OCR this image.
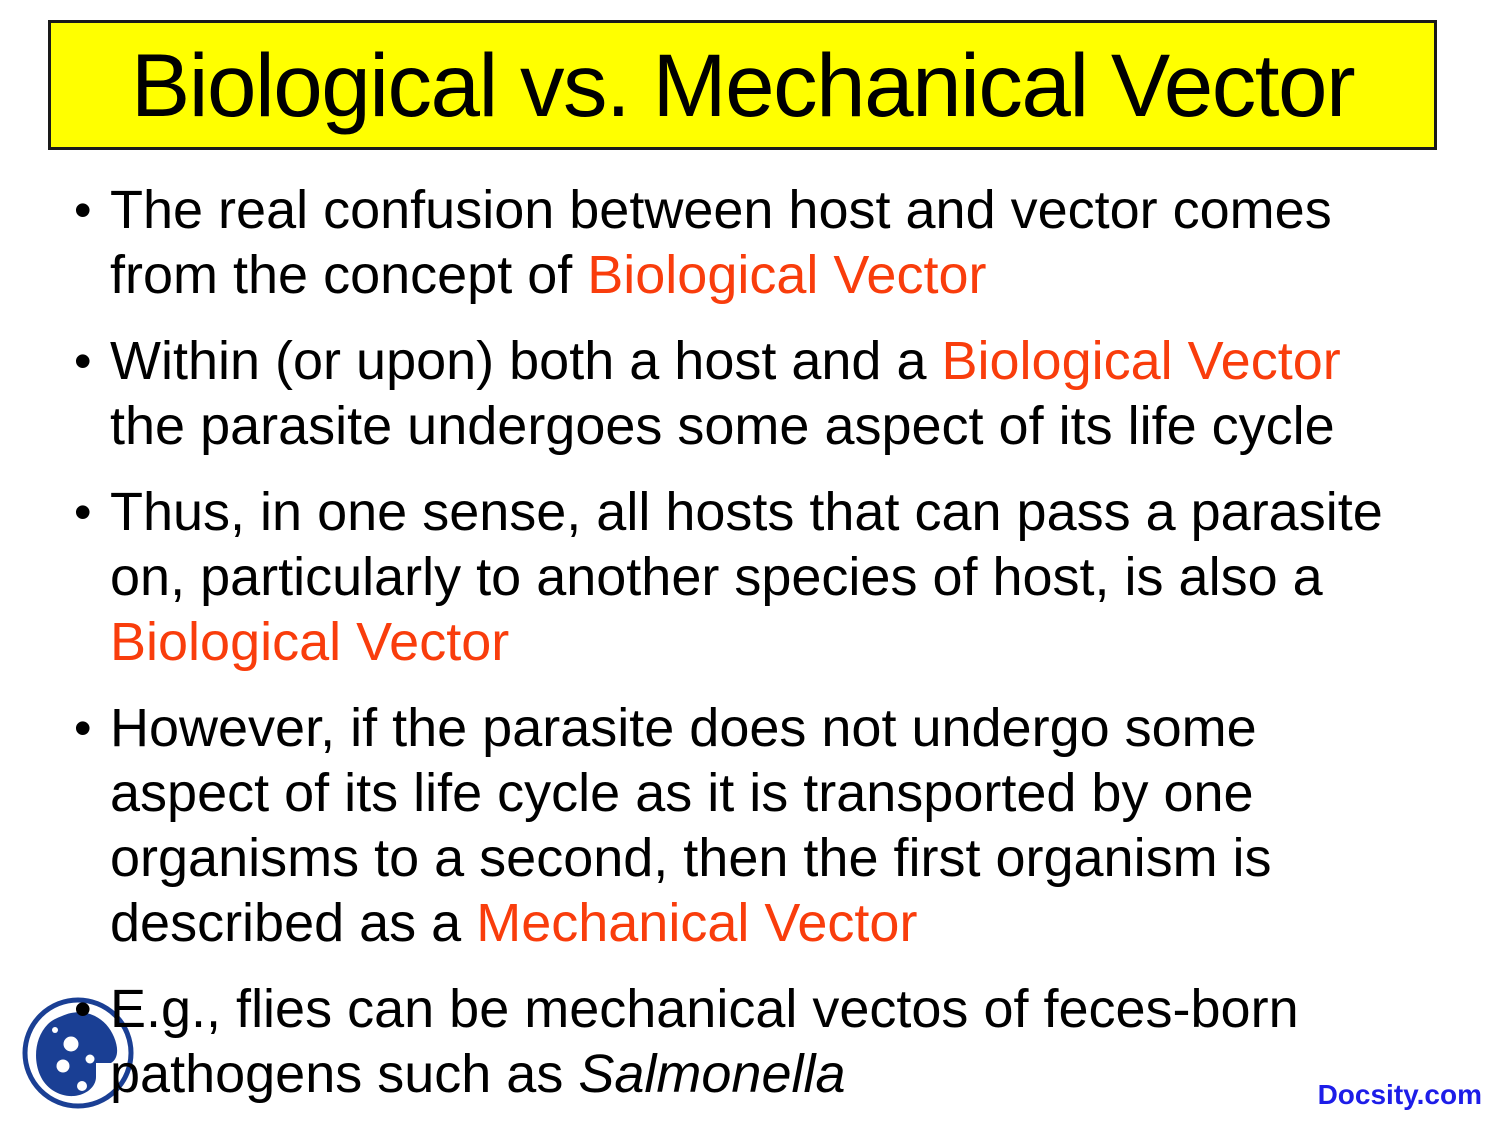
Biological vs. Mechanical Vector
• The real confusion between host and vector comes
from the concept of Biological Vector
• Within (or upon) both a host and a Biological Vector
the parasite undergoes some aspect of its life cycle
• Thus, in one sense, all hosts that can pass a parasite
on, particularly to another species of host, is also a
Biological Vector
• However, if the parasite does not undergo some
aspect of its life cycle as it is transported by one
organisms to a second, then the first organism is
described as a Mechanical Vector
• E.g., flies can be mechanical vectos of feces-born
pathogens such as Salmonella	Docsity.com
